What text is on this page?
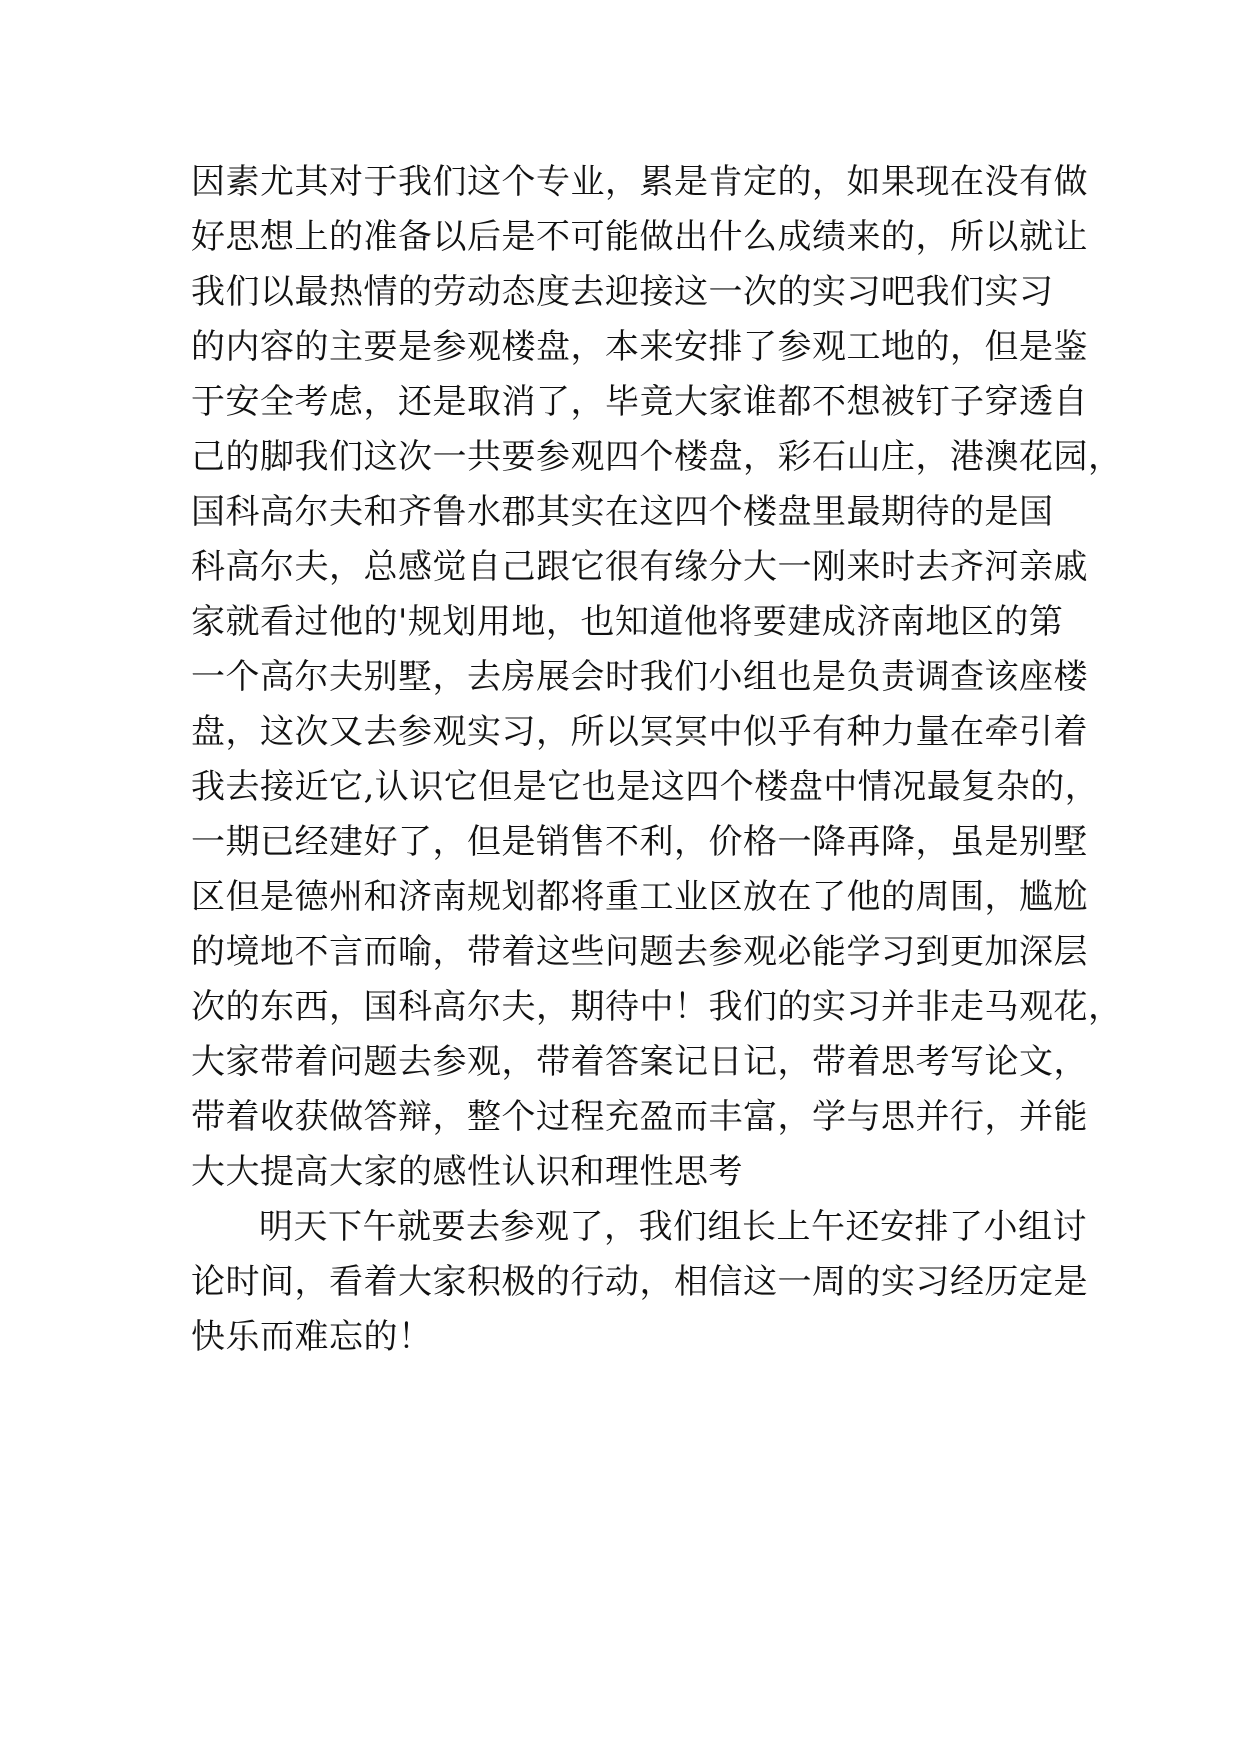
因素尤其对于我们这个专业，累是肯定的，如果现在没有做
好思想上的准备以后是不可能做出什么成绩来的，所以就让
我们以最热情的劳动态度去迎接这一次的实习吧我们实习
的内容的主要是参观楼盘，本来安排了参观工地的，但是鉴
于安全考虑，还是取消了，毕竟大家谁都不想被钉子穿透自
己的脚我们这次一共要参观四个楼盘，彩石山庄，港澳花园，
国科高尔夫和齐鲁水郡其实在这四个楼盘里最期待的是国
科高尔夫，总感觉自己跟它很有缘分大一刚来时去齐河亲戚
家就看过他的'规划用地，也知道他将要建成济南地区的第
一个高尔夫别墅，去房展会时我们小组也是负责调查该座楼
盘，这次又去参观实习，所以冥冥中似乎有种力量在牵引着
我去接近它,认识它但是它也是这四个楼盘中情况最复杂的，
一期已经建好了，但是销售不利，价格一降再降，虽是别墅
区但是德州和济南规划都将重工业区放在了他的周围，尴尬
的境地不言而喻，带着这些问题去参观必能学习到更加深层
次的东西，国科高尔夫，期待中！我们的实习并非走马观花，
大家带着问题去参观，带着答案记日记，带着思考写论文，
带着收获做答辩，整个过程充盈而丰富，学与思并行，并能
大大提高大家的感性认识和理性思考
明天下午就要去参观了，我们组长上午还安排了小组讨
论时间，看着大家积极的行动，相信这一周的实习经历定是
快乐而难忘的！
